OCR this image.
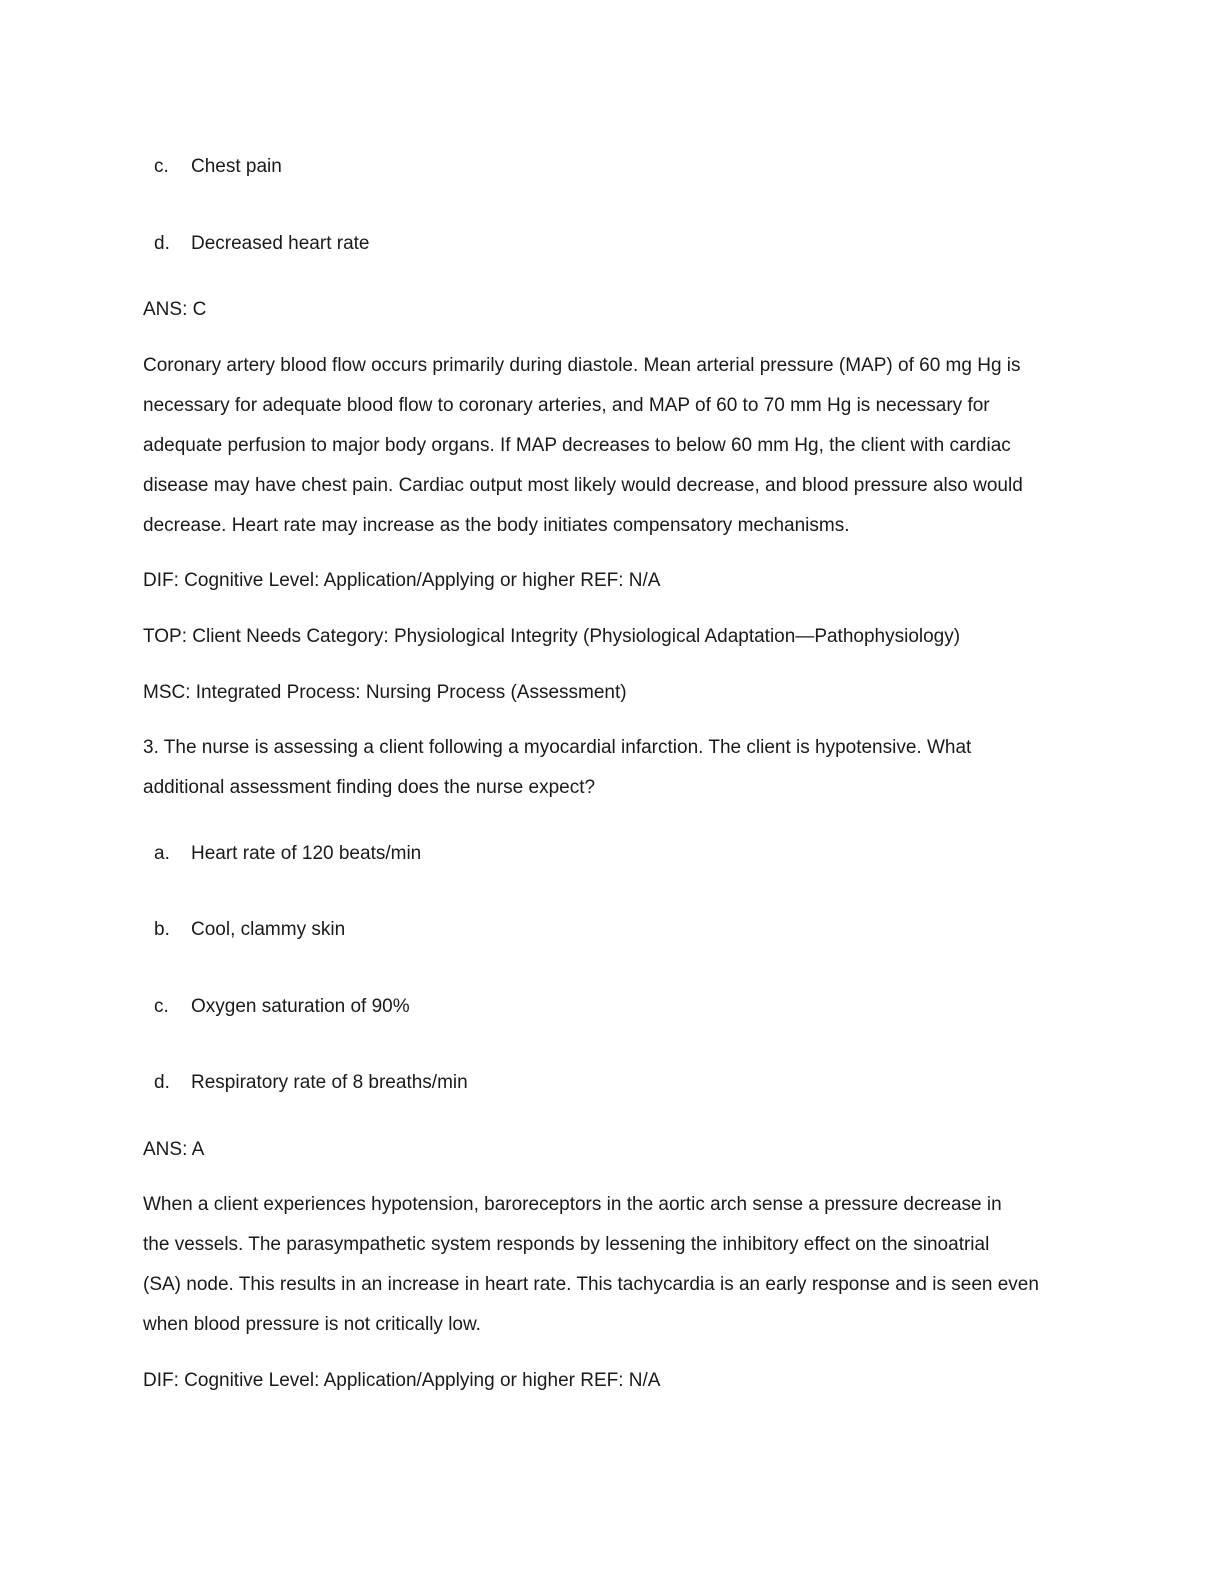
c. Chest pain
d. Decreased heart rate
ANS: C
Coronary artery blood flow occurs primarily during diastole. Mean arterial pressure (MAP) of 60 mg Hg is
necessary for adequate blood flow to coronary arteries, and MAP of 60 to 70 mm Hg is necessary for
adequate perfusion to major body organs. If MAP decreases to below 60 mm Hg, the client with cardiac
disease may have chest pain. Cardiac output most likely would decrease, and blood pressure also would
decrease. Heart rate may increase as the body initiates compensatory mechanisms.
DIF: Cognitive Level: Application/Applying or higher REF: N/A
TOP: Client Needs Category: Physiological Integrity (Physiological Adaptation—Pathophysiology)
MSC: Integrated Process: Nursing Process (Assessment)
3. The nurse is assessing a client following a myocardial infarction. The client is hypotensive. What
additional assessment finding does the nurse expect?
a. Heart rate of 120 beats/min
b. Cool, clammy skin
c. Oxygen saturation of 90%
d. Respiratory rate of 8 breaths/min
ANS: A
When a client experiences hypotension, baroreceptors in the aortic arch sense a pressure decrease in
the vessels. The parasympathetic system responds by lessening the inhibitory effect on the sinoatrial
(SA) node. This results in an increase in heart rate. This tachycardia is an early response and is seen even
when blood pressure is not critically low.
DIF: Cognitive Level: Application/Applying or higher REF: N/A
